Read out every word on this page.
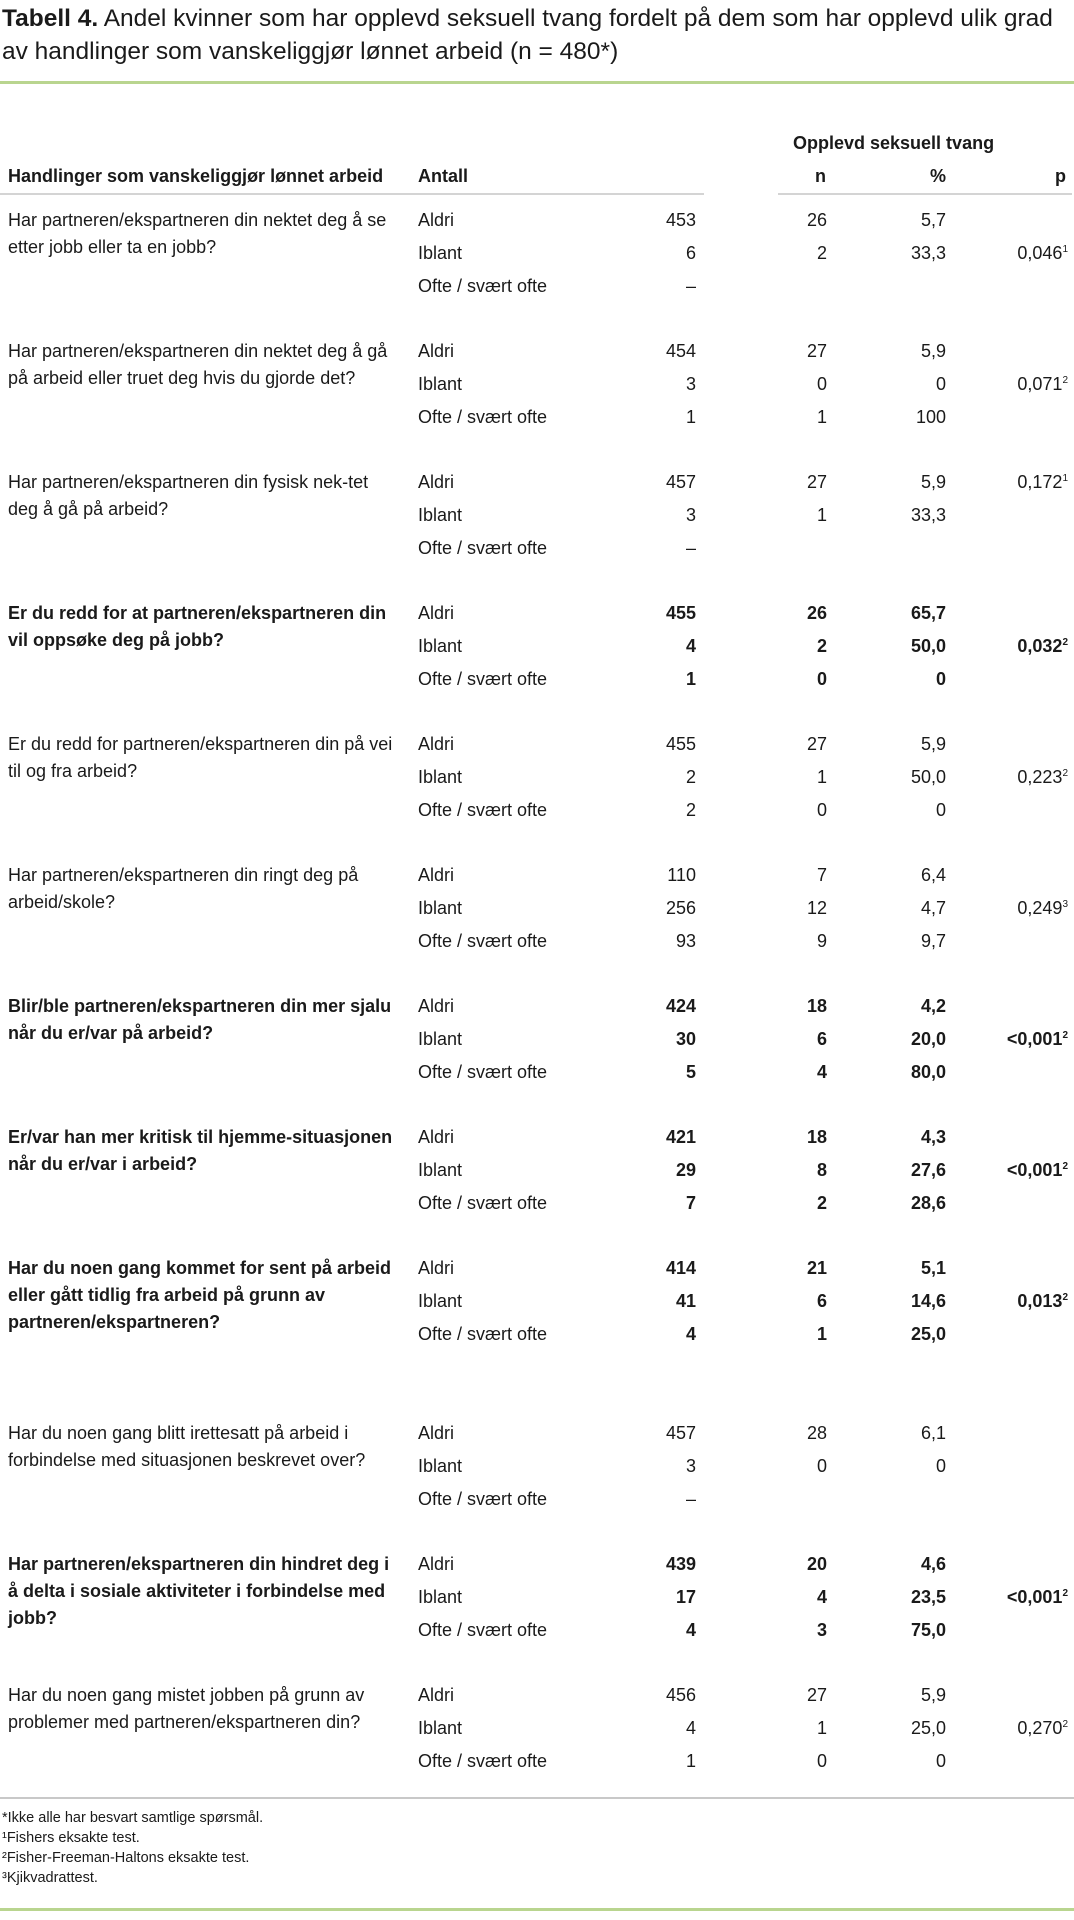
Tabell 4. Andel kvinner som har opplevd seksuell tvang fordelt på dem som har opplevd ulik grad av handlinger som vanskeliggjør lønnet arbeid (n = 480*)
Opplevd seksuell tvang
Handlinger som vanskeliggjør lønnet arbeid Antall	n	%	p
Har partneren/ekspartneren din nektet deg å se etter jobb eller ta en jobb?
Aldri	453	26	5,7
Iblant	6	2	33,3	0,046$^1$
Ofte / svært ofte	–
Har partneren/ekspartneren din nektet deg å gå på arbeid eller truet deg hvis du gjorde det?
Aldri	454	27	5,9
Iblant	3	0	0	0,071$^2$
Ofte / svært ofte	1	1	100
Har partneren/ekspartneren din fysisk nek-tet deg å gå på arbeid?
Aldri	457	27	5,9	0,172$^1$
Iblant	3	1	33,3
Ofte / svært ofte	–
Er du redd for at partneren/ekspartneren din vil oppsøke deg på jobb?
Aldri	455	26	65,7
Iblant	4	2	50,0	0,032$^2$
Ofte / svært ofte	1	0	0
Er du redd for partneren/ekspartneren din på vei til og fra arbeid?
Aldri	455	27	5,9
Iblant	2	1	50,0	0,223$^2$
Ofte / svært ofte	2	0	0
Har partneren/ekspartneren din ringt deg på arbeid/skole?
Aldri	110	7	6,4
Iblant	256	12	4,7	0,249$^3$
Ofte / svært ofte	93	9	9,7
Blir/ble partneren/ekspartneren din mer sjalu når du er/var på arbeid?
Aldri	424	18	4,2
Iblant	30	6	20,0	$<0,001^2$
Ofte / svært ofte	5	4	80,0
Er/var han mer kritisk til hjemme-situasjonen når du er/var i arbeid?
Aldri	421	18	4,3
Iblant	29	8	27,6	$<0,001^2$
Ofte / svært ofte	7	2	28,6
Har du noen gang kommet for sent på arbeid eller gått tidlig fra arbeid på grunn av partneren/ekspartneren?
Aldri	414	21	5,1
Iblant	41	6	14,6	0,013$^2$
Ofte / svært ofte	4	1	25,0
Har du noen gang blitt irettesatt på arbeid i forbindelse med situasjonen beskrevet over?
Aldri	457	28	6,1
Iblant	3	0	0
Ofte / svært ofte	–
Har partneren/ekspartneren din hindret deg i å delta i sosiale aktiviteter i forbindelse med jobb?
Aldri	439	20	4,6
Iblant	17	4	23,5	$<0,001^2$
Ofte / svært ofte	4	3	75,0
Har du noen gang mistet jobben på grunn av problemer med partneren/ekspartneren din?
Aldri	456	27	5,9
Iblant	4	1	25,0	0,270$^2$
Ofte / svært ofte	1	0	0
*Ikke alle har besvart samtlige spørsmål.
¹Fishers eksakte test.
²Fisher-Freeman-Haltons eksakte test.
³Kjikvadrattest.
